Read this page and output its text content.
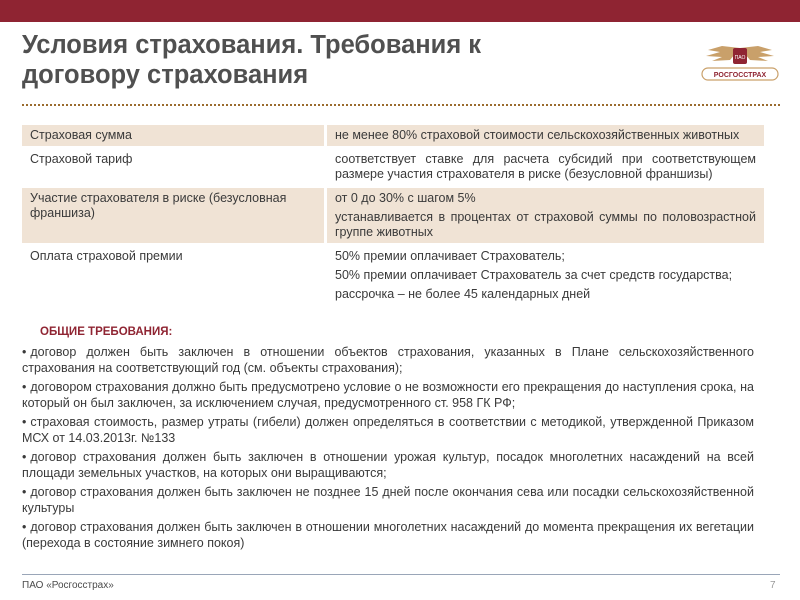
Условия страхования. Требования к
договору страхования
ПАО
РОСГОССТРАХ
Страховая сумма	не менее 80% страховой стоимости сельскохозяйственных животных

Страховой тариф	соответствует ставке для расчета субсидий при соответствующем размере участия страхователя в риске (безусловной франшизы)

Участие страхователя в риске (безусловная франшиза)	от 0 до 30% с шагом 5%
устанавливается в процентах от страховой суммы по половозрастной группе животных

Оплата страховой премии	50% премии оплачивает Страхователь;
50% премии оплачивает Страхователь за счет средств государства;
рассрочка – не более 45 календарных дней
ОБЩИЕ ТРЕБОВАНИЯ:
• договор должен быть заключен в отношении объектов страхования, указанных в Плане сельскохозяйственного страхования на соответствующий год (см. объекты страхования);
• договором страхования должно быть предусмотрено условие о не возможности его прекращения до наступления срока, на который он был заключен, за исключением случая, предусмотренного ст. 958 ГК РФ;
• страховая стоимость, размер утраты (гибели) должен определяться в соответствии с методикой, утвержденной Приказом МСХ от 14.03.2013г. №133
• договор страхования должен быть заключен в отношении урожая культур, посадок многолетних насаждений на всей площади земельных участков, на которых они выращиваются;
• договор страхования должен быть заключен не позднее 15 дней после окончания сева или посадки сельскохозяйственной культуры
• договор страхования должен быть заключен в отношении многолетних насаждений до момента прекращения их вегетации (перехода в состояние зимнего покоя)
ПАО «Росгосстрах»	7
